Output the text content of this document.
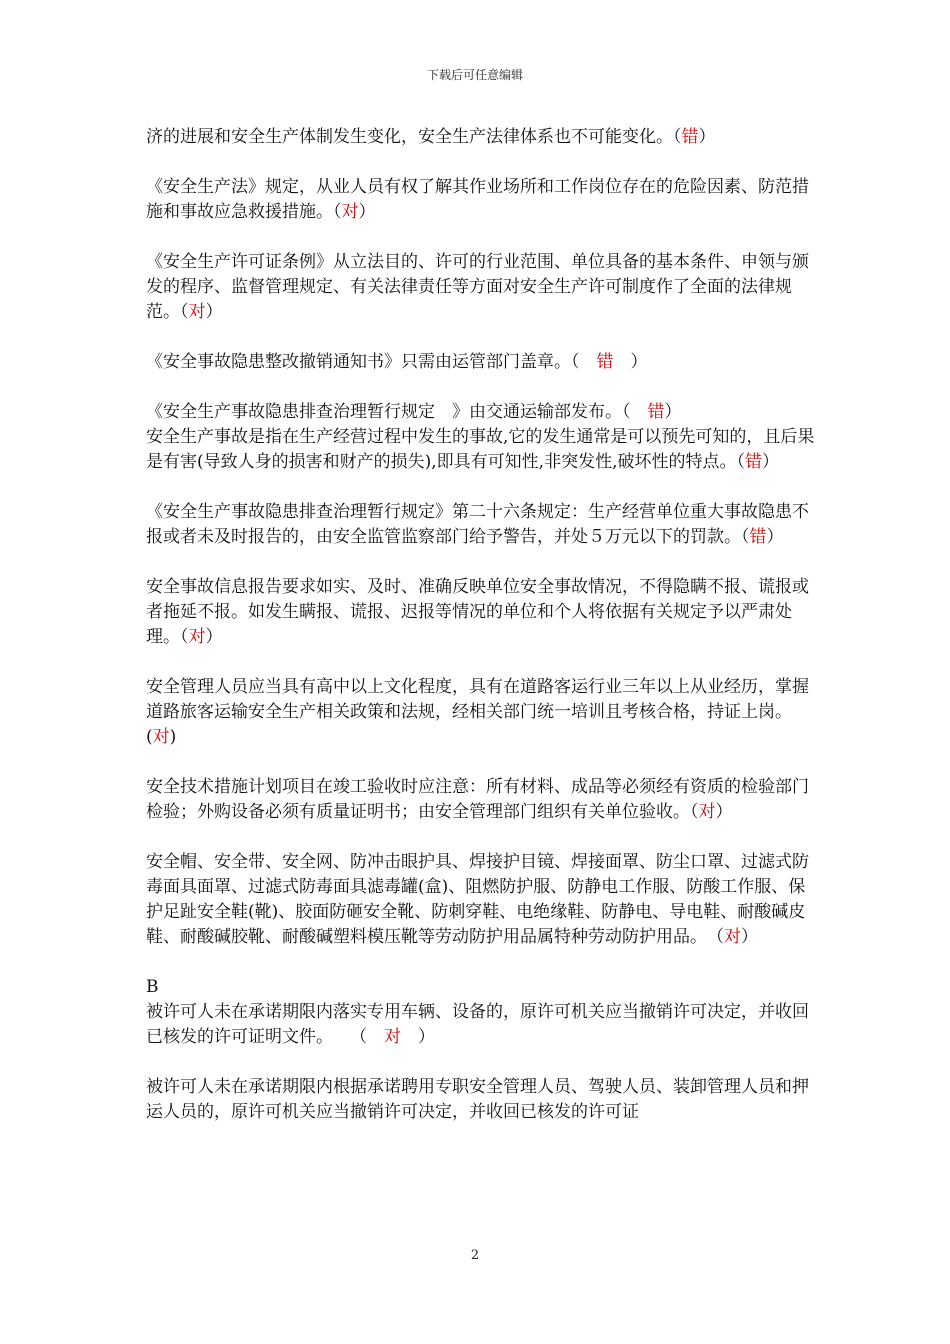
下载后可任意编辑

济的进展和安全生产体制发生变化，安全生产法律体系也不可能变化。（错）

《安全生产法》规定，从业人员有权了解其作业场所和工作岗位存在的危险因素、防范措施和事故应急救援措施。（对）

《安全生产许可证条例》从立法目的、许可的行业范围、单位具备的基本条件、申领与颁发的程序、监督管理规定、有关法律责任等方面对安全生产许可制度作了全面的法律规范。（对）

《安全事故隐患整改撤销通知书》只需由运管部门盖章。（　错　）

《安全生产事故隐患排查治理暂行规定　》由交通运输部发布。（　错）

安全生产事故是指在生产经营过程中发生的事故,它的发生通常是可以预先可知的，且后果是有害(导致人身的损害和财产的损失),即具有可知性,非突发性,破坏性的特点。（错）

《安全生产事故隐患排查治理暂行规定》第二十六条规定：生产经营单位重大事故隐患不报或者未及时报告的，由安全监管监察部门给予警告，并处５万元以下的罚款。（错）

安全事故信息报告要求如实、及时、准确反映单位安全事故情况，不得隐瞒不报、谎报或者拖延不报。如发生瞒报、谎报、迟报等情况的单位和个人将依据有关规定予以严肃处理。（对）

安全管理人员应当具有高中以上文化程度，具有在道路客运行业三年以上从业经历，掌握道路旅客运输安全生产相关政策和法规，经相关部门统一培训且考核合格，持证上岗。(对)

安全技术措施计划项目在竣工验收时应注意：所有材料、成品等必须经有资质的检验部门检验；外购设备必须有质量证明书；由安全管理部门组织有关单位验收。（对）

安全帽、安全带、安全网、防冲击眼护具、焊接护目镜、焊接面罩、防尘口罩、过滤式防毒面具面罩、过滤式防毒面具滤毒罐(盒)、阻燃防护服、防静电工作服、防酸工作服、保护足趾安全鞋(靴)、胶面防砸安全靴、防刺穿鞋、电绝缘鞋、防静电、导电鞋、耐酸碱皮鞋、耐酸碱胶靴、耐酸碱塑料模压靴等劳动防护用品属特种劳动防护用品。　（对）

B

被许可人未在承诺期限内落实专用车辆、设备的，原许可机关应当撤销许可决定，并收回已核发的许可证明文件。　　（　对　）

被许可人未在承诺期限内根据承诺聘用专职安全管理人员、驾驶人员、装卸管理人员和押运人员的，原许可机关应当撤销许可决定，并收回已核发的许可证

2
